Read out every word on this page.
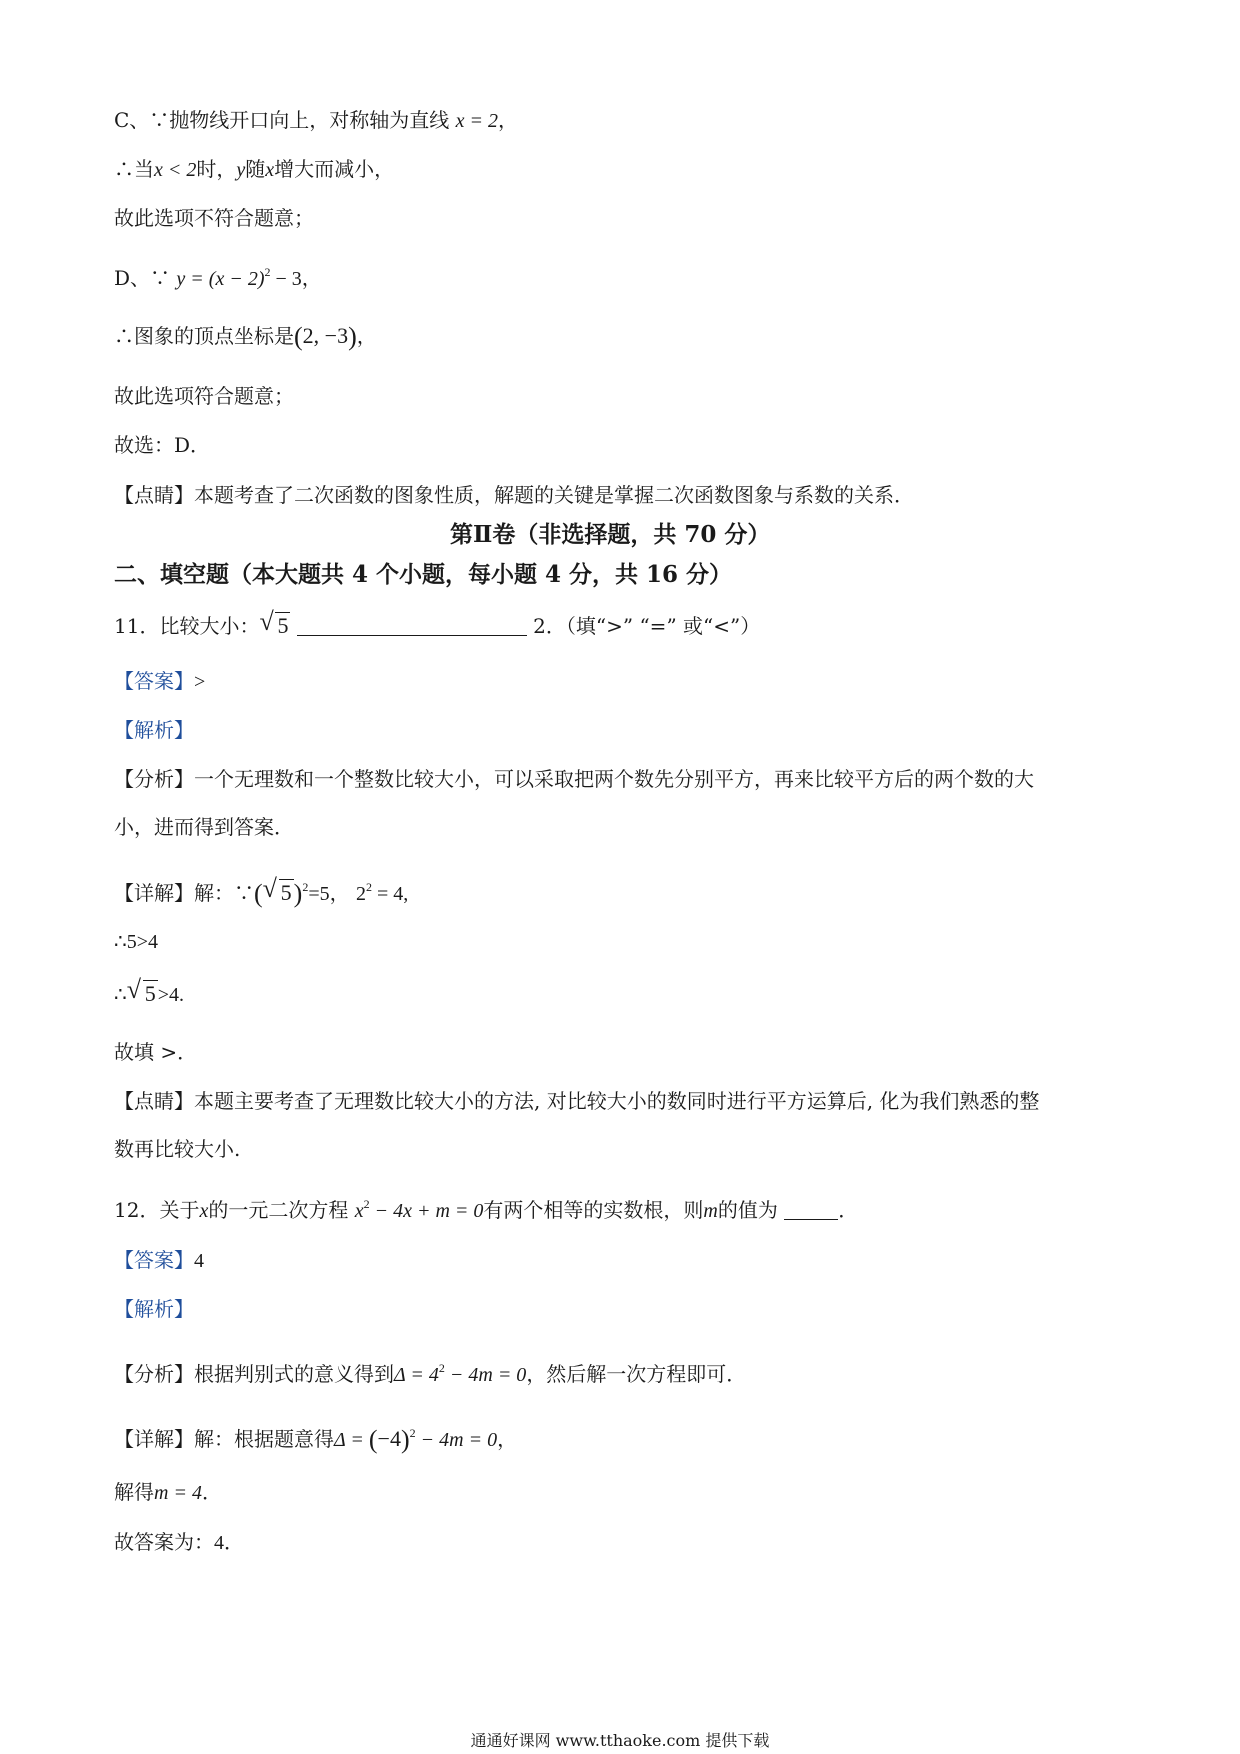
C、∵抛物线开口向上，对称轴为直线 x = 2，
∴当x < 2时，y随x增大而减小，
故此选项不符合题意；
D、∵ $y = (x - 2)^2 - 3$，
∴图象的顶点坐标是(2, −3)，
故此选项符合题意；
故选：D．
【点睛】本题考查了二次函数的图象性质，解题的关键是掌握二次函数图象与系数的关系．
第Ⅱ卷（非选择题，共 70 分）
二、填空题（本大题共 4 个小题，每小题 4 分，共 16 分）
11．比较大小： √ 5	2．（填“>” “=” 或“<”）
【答案】>
【解析】
【分析】一个无理数和一个整数比较大小，可以采取把两个数先分别平方，再来比较平方后的两个数的大
小，进而得到答案．
【详解】解：∵( √ 5)$^2$=5， $2^2 = 4$,
∴5>4
∴ √ 5 >4.
故填 >．
【点睛】本题主要考查了无理数比较大小的方法, 对比较大小的数同时进行平方运算后, 化为我们熟悉的整
数再比较大小.
12．关于x的一元二次方程 $x^2 - 4x + m = 0$有两个相等的实数根，则m的值为	．
【答案】4
【解析】
【分析】根据判别式的意义得到$\Delta = 4^2 - 4m = 0$，然后解一次方程即可．
【详解】解：根据题意得$\Delta = (-4)^2 - 4m = 0$，
解得m = 4．
故答案为：4．
通通好课网 www.tthaoke.com 提供下载
